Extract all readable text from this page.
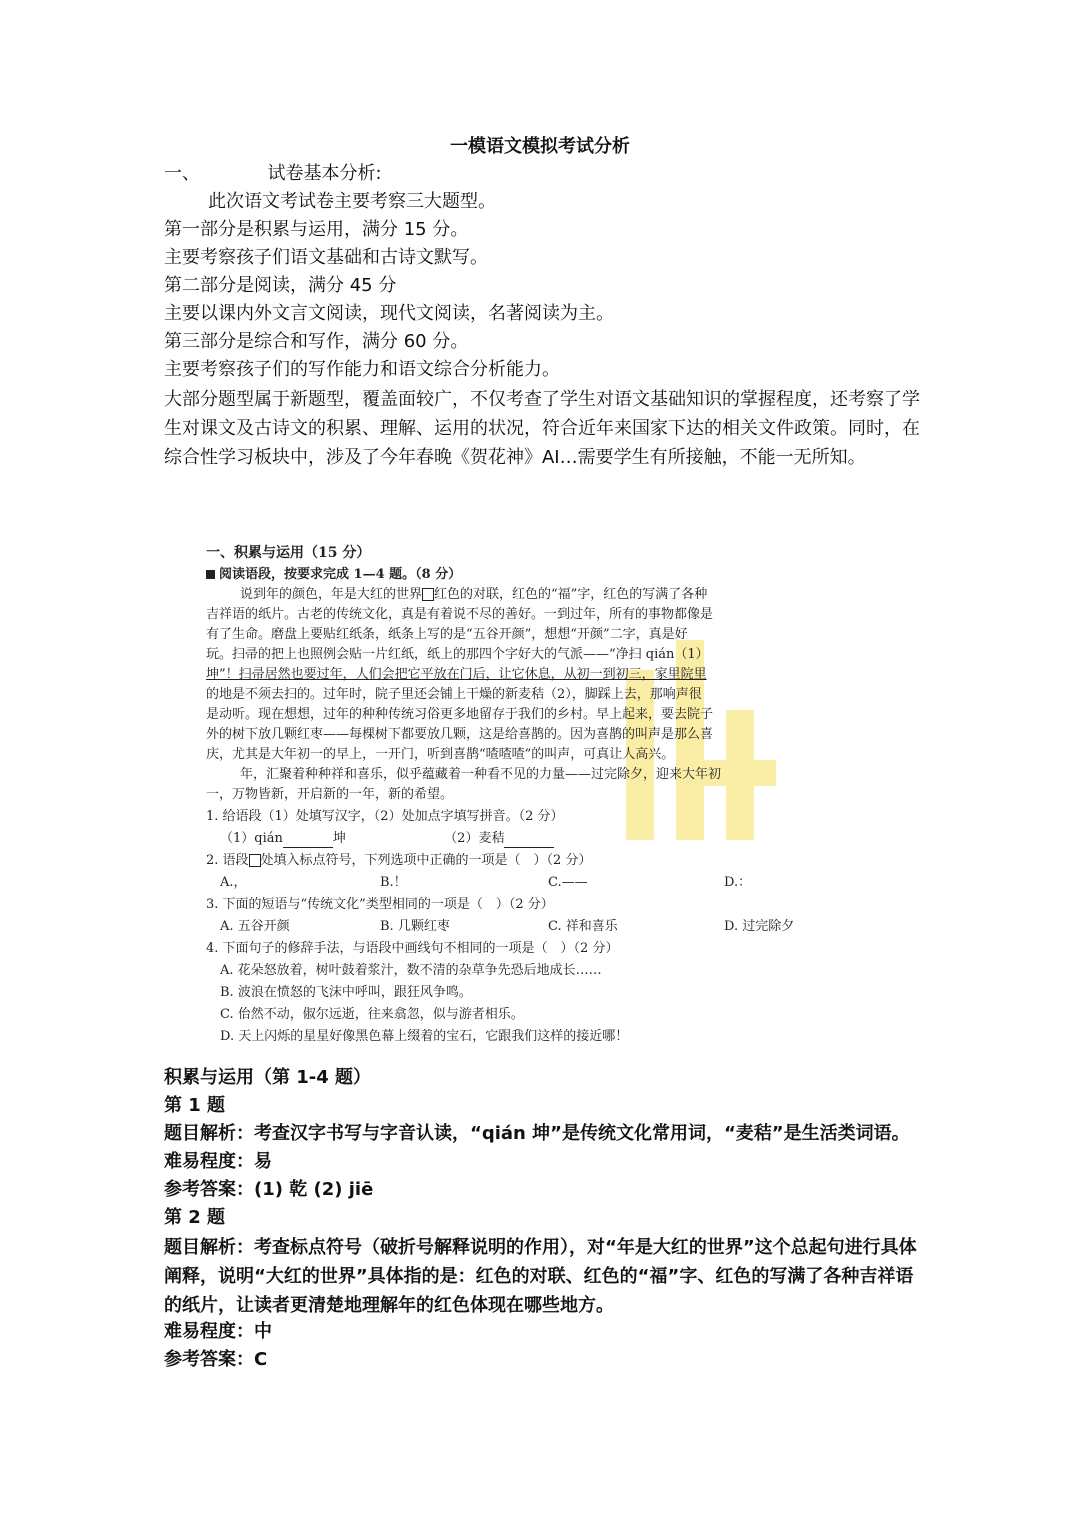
一模语文模拟考试分析
一、	试卷基本分析:
此次语文考试卷主要考察三大题型。
第一部分是积累与运用，满分 15 分。
主要考察孩子们语文基础和古诗文默写。
第二部分是阅读，满分 45 分
主要以课内外文言文阅读，现代文阅读，名著阅读为主。
第三部分是综合和写作，满分 60 分。
主要考察孩子们的写作能力和语文综合分析能力。
大部分题型属于新题型，覆盖面较广，不仅考查了学生对语文基础知识的掌握程度，还考察了学生对课文及古诗文的积累、理解、运用的状况，符合近年来国家下达的相关文件政策。同时，在综合性学习板块中，涉及了今年春晚《贺花神》AI…需要学生有所接触，不能一无所知。
一、积累与运用（15 分）
阅读语段，按要求完成 1—4 题。（8 分）
说到年的颜色，年是大红的世界 红色的对联，红色的“福”字，红色的写满了各种
吉祥语的纸片。古老的传统文化，真是有着说不尽的善好。一到过年，所有的事物都像是
有了生命。磨盘上要贴红纸条，纸条上写的是“五谷开颜”，想想“开颜”二字，真是好
玩。扫帚的把上也照例会贴一片红纸，纸上的那四个字好大的气派——“净扫 qián（1）
坤”！扫帚居然也要过年，人们会把它平放在门后，让它休息，从初一到初三，家里院里
的地是不须去扫的。过年时，院子里还会铺上干燥的新麦秸（2），脚踩上去，那响声很
是动听。现在想想，过年的种种传统习俗更多地留存于我们的乡村。早上起来，要去院子
外的树下放几颗红枣——每棵树下都要放几颗，这是给喜鹊的。因为喜鹊的叫声是那么喜
庆，尤其是大年初一的早上，一开门，听到喜鹊“喳喳喳”的叫声，可真让人高兴。
年，汇聚着种种祥和喜乐，似乎蕴藏着一种看不见的力量——过完除夕，迎来大年初
一，万物皆新，开启新的一年，新的希望。
1. 给语段（1）处填写汉字，（2）处加点字填写拼音。（2 分）
（1）qián	坤	（2）麦秸
2. 语段 处填入标点符号，下列选项中正确的一项是（　）（2 分）
A.，	B.！	C.——	D.：
3. 下面的短语与“传统文化”类型相同的一项是（　）（2 分）
A. 五谷开颜	B. 几颗红枣	C. 祥和喜乐	D. 过完除夕
4. 下面句子的修辞手法，与语段中画线句不相同的一项是（　）（2 分）
A. 花朵怒放着，树叶鼓着浆汁，数不清的杂草争先恐后地成长……
B. 波浪在愤怒的飞沫中呼叫，跟狂风争鸣。
C. 佁然不动，俶尔远逝，往来翕忽，似与游者相乐。
D. 天上闪烁的星星好像黑色幕上缀着的宝石，它跟我们这样的接近哪！
积累与运用（第 1-4 题）
第 1 题
题目解析：考查汉字书写与字音认读，“qián 坤”是传统文化常用词，“麦秸”是生活类词语。
难易程度：易
参考答案：(1) 乾 (2) jiē
第 2 题
题目解析：考查标点符号（破折号解释说明的作用），对“年是大红的世界”这个总起句进行具体阐释，说明“大红的世界”具体指的是：红色的对联、红色的“福”字、红色的写满了各种吉祥语的纸片，让读者更清楚地理解年的红色体现在哪些地方。
难易程度：中
参考答案：C
